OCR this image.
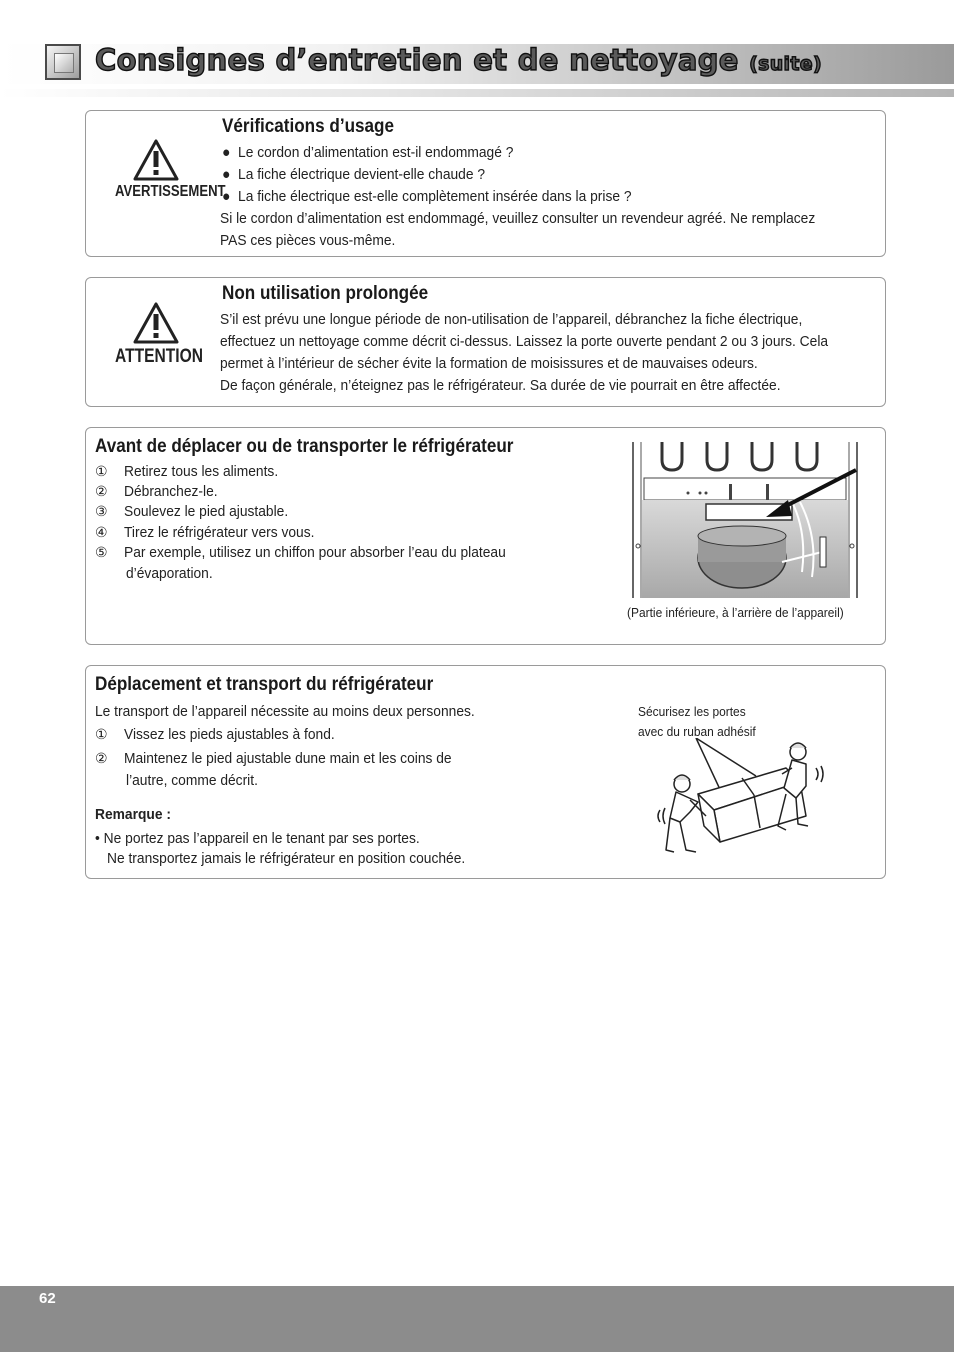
Consignes d’entretien et de nettoyage (suite)
AVERTISSEMENT
Vérifications d’usage
●  Le cordon d’alimentation est-il endommagé ?
●  La fiche électrique devient-elle chaude ?
●  La fiche électrique est-elle complètement insérée dans la prise ?
Si le cordon d’alimentation est endommagé, veuillez consulter un revendeur agréé. Ne remplacez
PAS ces pièces vous-même.
ATTENTION
Non utilisation prolongée
S’il est prévu une longue période de non-utilisation de l’appareil, débranchez la fiche électrique,
effectuez un nettoyage comme décrit ci-dessus. Laissez la porte ouverte pendant 2 ou 3 jours. Cela
permet à l’intérieur de sécher évite la formation de moisissures et de mauvaises odeurs.
De façon générale, n’éteignez pas le réfrigérateur. Sa durée de vie pourrait en être affectée.
Avant de déplacer ou de transporter le réfrigérateur
① Retirez tous les aliments.
② Débranchez-le.
③ Soulevez le pied ajustable.
④ Tirez le réfrigérateur vers vous.
⑤ Par exemple, utilisez un chiffon pour absorber l’eau du plateau
d’évaporation.
(Partie inférieure, à l’arrière de l’appareil)
Déplacement et transport du réfrigérateur
Le transport de l’appareil nécessite au moins deux personnes.
① Vissez les pieds ajustables à fond.
② Maintenez le pied ajustable dune main et les coins de
l’autre, comme décrit.
Remarque :
• Ne portez pas l’appareil en le tenant par ses portes.
Ne transportez jamais le réfrigérateur en position couchée.
Sécurisez les portes
avec du ruban adhésif
62
